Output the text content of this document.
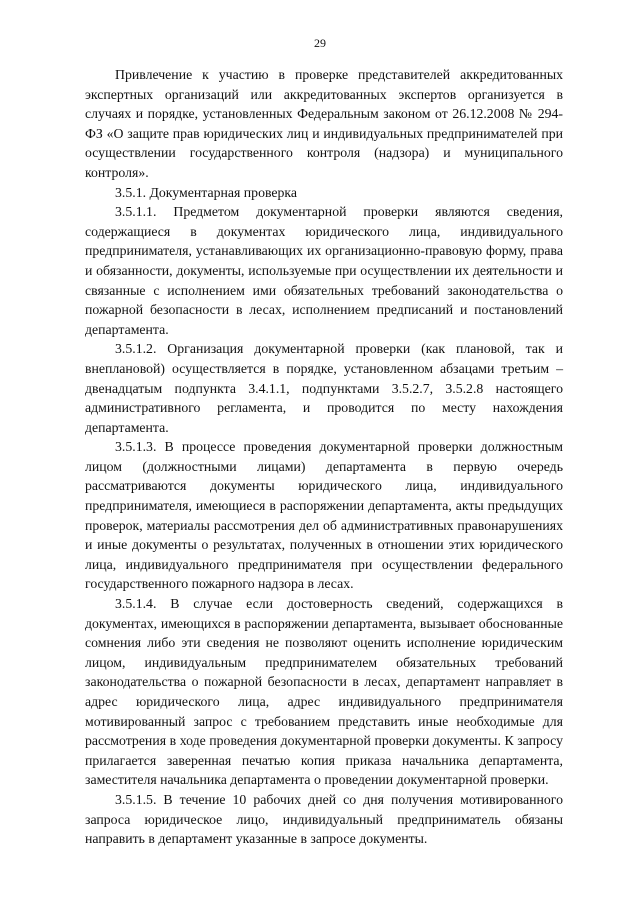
29

Привлечение к участию в проверке представителей аккредитованных экспертных организаций или аккредитованных экспертов организуется в случаях и порядке, установленных Федеральным законом от 26.12.2008 № 294-ФЗ «О защите прав юридических лиц и индивидуальных предпринимателей при осуществлении государственного контроля (надзора) и муниципального контроля».

3.5.1. Документарная проверка

3.5.1.1. Предметом документарной проверки являются сведения, содержащиеся в документах юридического лица, индивидуального предпринимателя, устанавливающих их организационно-правовую форму, права и обязанности, документы, используемые при осуществлении их деятельности и связанные с исполнением ими обязательных требований законодательства о пожарной безопасности в лесах, исполнением предписаний и постановлений департамента.

3.5.1.2. Организация документарной проверки (как плановой, так и внеплановой) осуществляется в порядке, установленном абзацами третьим – двенадцатым подпункта 3.4.1.1, подпунктами 3.5.2.7, 3.5.2.8 настоящего административного регламента, и проводится по месту нахождения департамента.

3.5.1.3. В процессе проведения документарной проверки должностным лицом (должностными лицами) департамента в первую очередь рассматриваются документы юридического лица, индивидуального предпринимателя, имеющиеся в распоряжении департамента, акты предыдущих проверок, материалы рассмотрения дел об административных правонарушениях и иные документы о результатах, полученных в отношении этих юридического лица, индивидуального предпринимателя при осуществлении федерального государственного пожарного надзора в лесах.

3.5.1.4. В случае если достоверность сведений, содержащихся в документах, имеющихся в распоряжении департамента, вызывает обоснованные сомнения либо эти сведения не позволяют оценить исполнение юридическим лицом, индивидуальным предпринимателем обязательных требований законодательства о пожарной безопасности в лесах, департамент направляет в адрес юридического лица, адрес индивидуального предпринимателя мотивированный запрос с требованием представить иные необходимые для рассмотрения в ходе проведения документарной проверки документы. К запросу прилагается заверенная печатью копия приказа начальника департамента, заместителя начальника департамента о проведении документарной проверки.

3.5.1.5. В течение 10 рабочих дней со дня получения мотивированного запроса юридическое лицо, индивидуальный предприниматель обязаны направить в департамент указанные в запросе документы.
